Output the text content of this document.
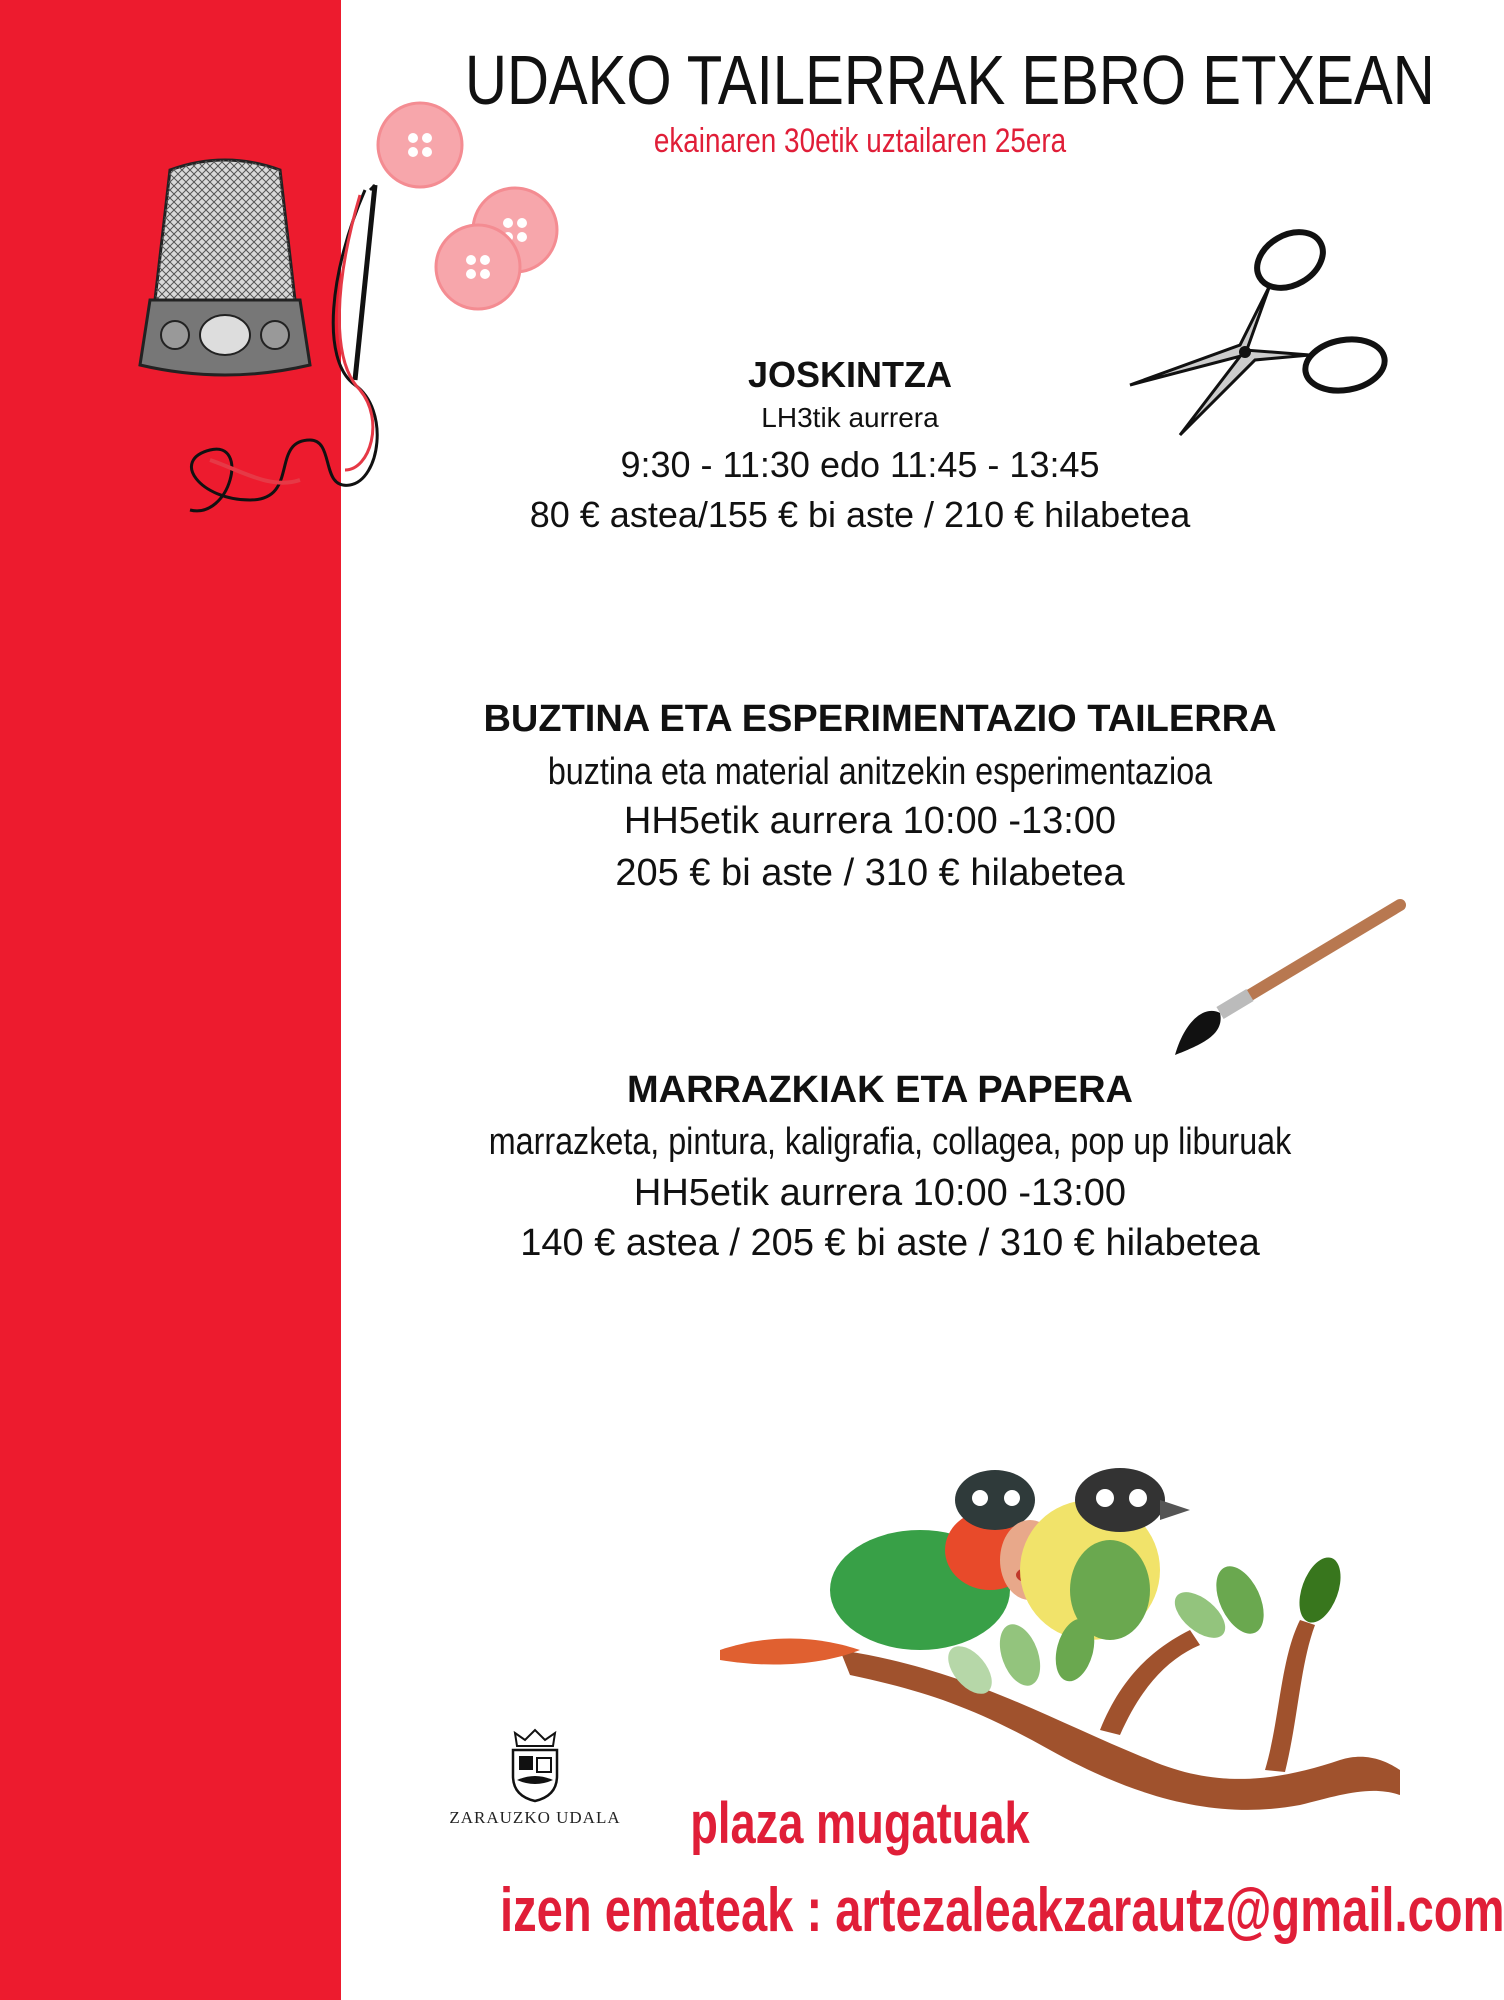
UDAKO TAILERRAK EBRO ETXEAN
ekainaren 30etik uztailaren 25era
JOSKINTZA
LH3tik aurrera
9:30 - 11:30 edo 11:45 - 13:45
80 € astea/155 € bi aste / 210 € hilabetea
BUZTINA ETA ESPERIMENTAZIO TAILERRA
buztina eta material anitzekin esperimentazioa
HH5etik aurrera 10:00 -13:00
205 € bi aste / 310 € hilabetea
MARRAZKIAK ETA PAPERA
marrazketa, pintura, kaligrafia, collagea, pop up liburuak
HH5etik aurrera 10:00 -13:00
140 € astea / 205 € bi aste / 310 € hilabetea
ZARAUZKO UDALA plaza mugatuak
izen emateak : artezaleakzarautz@gmail.com
